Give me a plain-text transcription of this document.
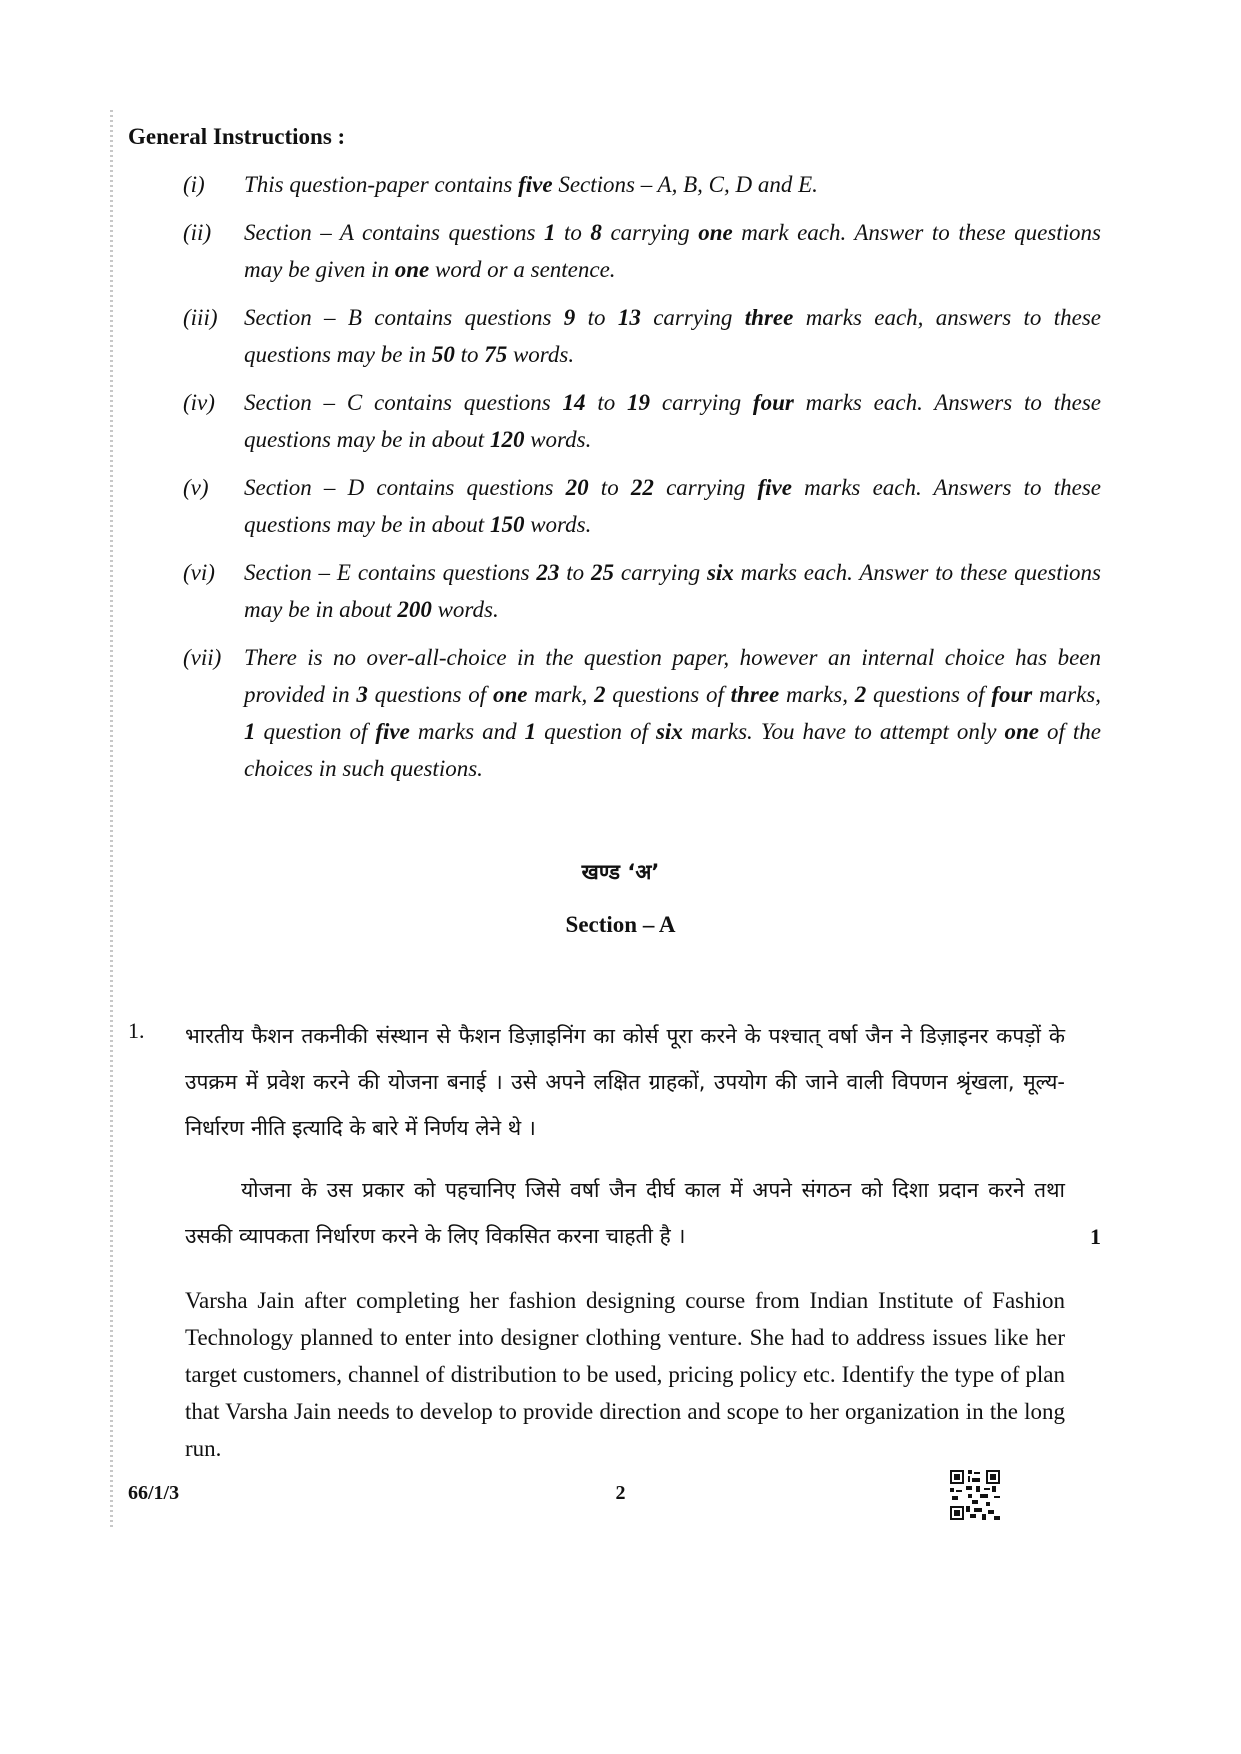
General Instructions :
(i)	This question-paper contains five Sections – A, B, C, D and E.
(ii)	Section – A contains questions 1 to 8 carrying one mark each. Answer to these questions may be given in one word or a sentence.
(iii)	Section – B contains questions 9 to 13 carrying three marks each, answers to these questions may be in 50 to 75 words.
(iv)	Section – C contains questions 14 to 19 carrying four marks each. Answers to these questions may be in about 120 words.
(v)	Section – D contains questions 20 to 22 carrying five marks each. Answers to these questions may be in about 150 words.
(vi)	Section – E contains questions 23 to 25 carrying six marks each. Answer to these questions may be in about 200 words.
(vii) There is no over-all-choice in the question paper, however an internal choice has been provided in 3 questions of one mark, 2 questions of three marks, 2 questions of four marks, 1 question of five marks and 1 question of six marks. You have to attempt only one of the choices in such questions.
खण्ड ‘अ’
Section – A
1. भारतीय फैशन तकनीकी संस्थान से फैशन डिज़ाइनिंग का कोर्स पूरा करने के पश्चात् वर्षा जैन ने डिज़ाइनर कपड़ों के उपक्रम में प्रवेश करने की योजना बनाई । उसे अपने लक्षित ग्राहकों, उपयोग की जाने वाली विपणन श्रृंखला, मूल्य-निर्धारण नीति इत्यादि के बारे में निर्णय लेने थे ।

योजना के उस प्रकार को पहचानिए जिसे वर्षा जैन दीर्घ काल में अपने संगठन को दिशा प्रदान करने तथा उसकी व्यापकता निर्धारण करने के लिए विकसित करना चाहती है ।	1

Varsha Jain after completing her fashion designing course from Indian Institute of Fashion Technology planned to enter into designer clothing venture. She had to address issues like her target customers, channel of distribution to be used, pricing policy etc. Identify the type of plan that Varsha Jain needs to develop to provide direction and scope to her organization in the long run.

66/1/3	2
